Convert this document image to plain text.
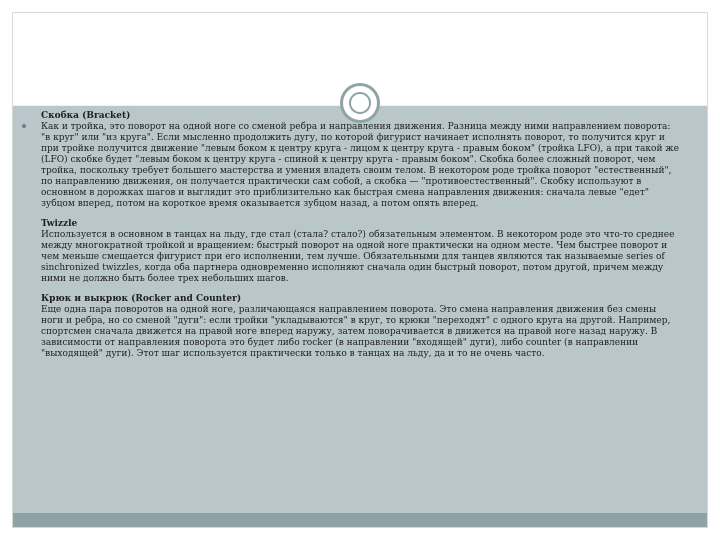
Скобка (Bracket)
Как и тройка, это поворот на одной ноге со сменой ребра и направления движения. Разница между ними направлением поворота: "в круг" или "из круга". Если мысленно продолжить дугу, по которой фигурист начинает исполнять поворот, то получится круг и при тройке получится движение "левым боком к центру круга - лицом к центру круга - правым боком" (тройка LFO), а при такой же (LFO) скобке будет "левым боком к центру круга - спиной к центру круга - правым боком". Скобка более сложный поворот, чем тройка, поскольку требует большего мастерства и умения владеть своим телом. В некотором роде тройка поворот "естественный", по направлению движения, он получается практически сам собой, а скобка — "противоестественный". Скобку используют в основном в дорожках шагов и выглядит это приблизительно как быстрая смена направления движения: сначала левые "едет" зубцом вперед, потом на короткое время оказывается зубцом назад, а потом опять вперед.
Twizzle
Используется в основном в танцах на льду, где стал (стала? стало?) обязательным элементом. В некотором роде это что-то среднее между многократной тройкой и вращением: быстрый поворот на одной ноге практически на одном месте. Чем быстрее поворот и чем меньше смещается фигурист при его исполнении, тем лучше. Обязательными для танцев являются так называемые series of sinchronized twizzles, когда оба партнера одновременно исполняют сначала один быстрый поворот, потом другой, причем между ними не должно быть более трех небольших шагов.
Крюк и выкрюк (Rocker and Counter)
Еще одна пара поворотов на одной ноге, различающаяся направлением поворота. Это смена направления движения без смены ноги и ребра, но со сменой "дуги": если тройки "укладываются" в круг, то крюки "переходят" с одного круга на другой. Например, спортсмен сначала движется на правой ноге вперед наружу, затем поворачивается в движется на правой ноге назад наружу. В зависимости от направления поворота это будет либо rocker (в направлении "входящей" дуги), либо counter (в направлении "выходящей" дуги). Этот шаг используется практически только в танцах на льду, да и то не очень часто.
